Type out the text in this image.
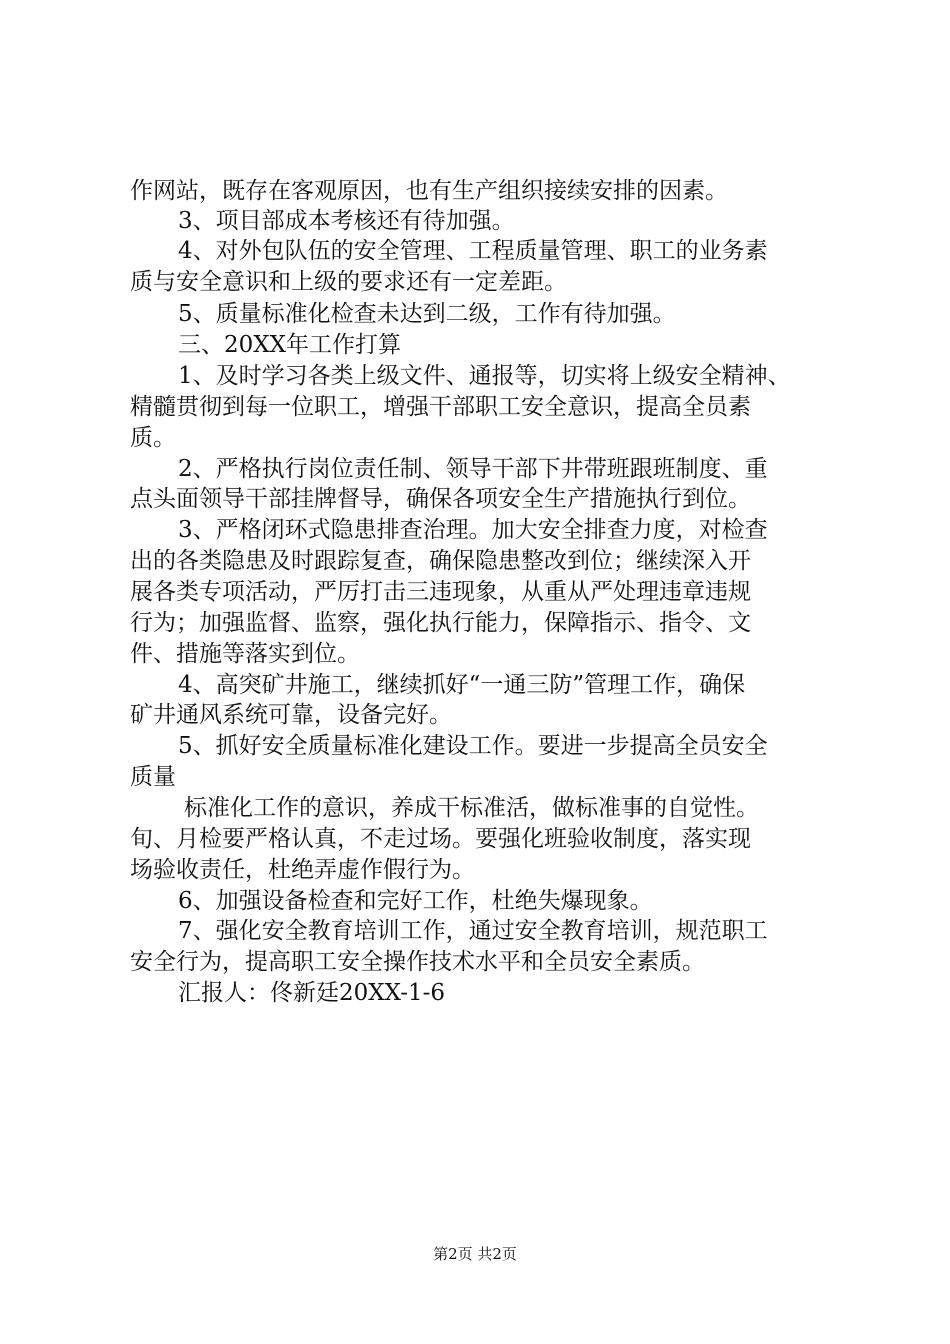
作网站，既存在客观原因，也有生产组织接续安排的因素。
3、项目部成本考核还有待加强。
4、对外包队伍的安全管理、工程质量管理、职工的业务素
质与安全意识和上级的要求还有一定差距。
5、质量标准化检查未达到二级，工作有待加强。
三、20XX年工作打算
1、及时学习各类上级文件、通报等，切实将上级安全精神、
精髓贯彻到每一位职工，增强干部职工安全意识，提高全员素
质。
2、严格执行岗位责任制、领导干部下井带班跟班制度、重
点头面领导干部挂牌督导，确保各项安全生产措施执行到位。
3、严格闭环式隐患排查治理。加大安全排查力度，对检查
出的各类隐患及时跟踪复查，确保隐患整改到位；继续深入开
展各类专项活动，严厉打击三违现象，从重从严处理违章违规
行为；加强监督、监察，强化执行能力，保障指示、指令、文
件、措施等落实到位。
4、高突矿井施工，继续抓好“一通三防”管理工作，确保
矿井通风系统可靠，设备完好。
5、抓好安全质量标准化建设工作。要进一步提高全员安全
质量
标准化工作的意识，养成干标准活，做标准事的自觉性。
旬、月检要严格认真，不走过场。要强化班验收制度，落实现
场验收责任，杜绝弄虚作假行为。
6、加强设备检查和完好工作，杜绝失爆现象。
7、强化安全教育培训工作，通过安全教育培训，规范职工
安全行为，提高职工安全操作技术水平和全员安全素质。
汇报人：佟新廷20XX-1-6
第2页 共2页
